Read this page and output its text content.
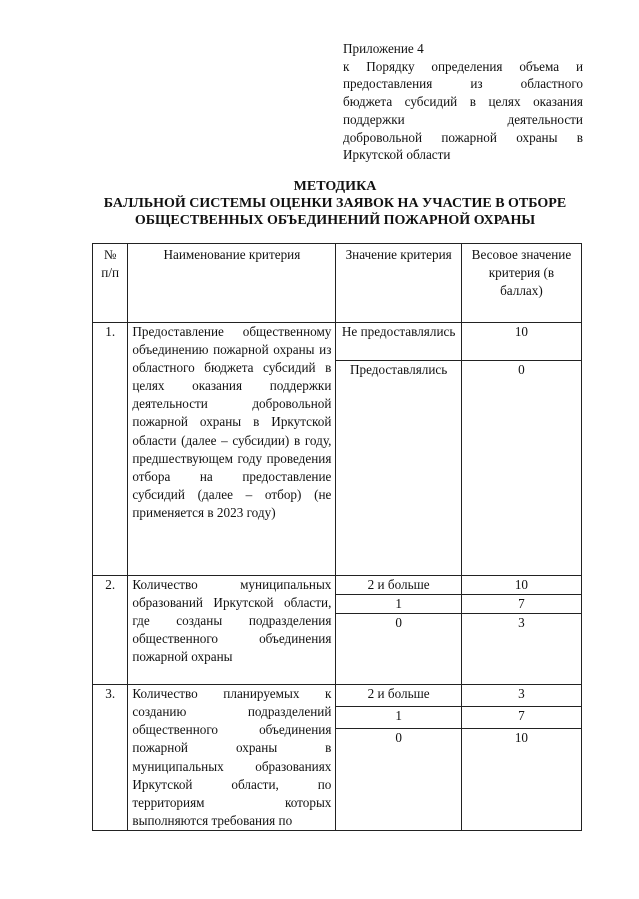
Приложение 4
к Порядку определения объема и
предоставления из областного
бюджета субсидий в целях оказания
поддержки деятельности
добровольной пожарной охраны в
Иркутской области
МЕТОДИКА
БАЛЛЬНОЙ СИСТЕМЫ ОЦЕНКИ ЗАЯВОК НА УЧАСТИЕ В ОТБОРЕ
ОБЩЕСТВЕННЫХ ОБЪЕДИНЕНИЙ ПОЖАРНОЙ ОХРАНЫ
№ п/п	Наименование критерия	Значение критерия	Весовое значение критерия (в баллах)
1.	Предоставление общественному объединению пожарной охраны из областного бюджета субсидий в целях оказания поддержки деятельности добровольной пожарной охраны в Иркутской области (далее – субсидии) в году, предшествующем году проведения отбора на предоставление субсидий (далее – отбор) (не применяется в 2023 году)	Не предоставлялись	10
		Предоставлялись	0
2.	Количество муниципальных образований Иркутской области, где созданы подразделения общественного объединения пожарной охраны	2 и больше	10
		1	7
		0	3
3.	Количество планируемых к созданию подразделений общественного объединения пожарной охраны в муниципальных образованиях Иркутской области, по территориям которых выполняются требования по	2 и больше	3
		1	7
		0	10
